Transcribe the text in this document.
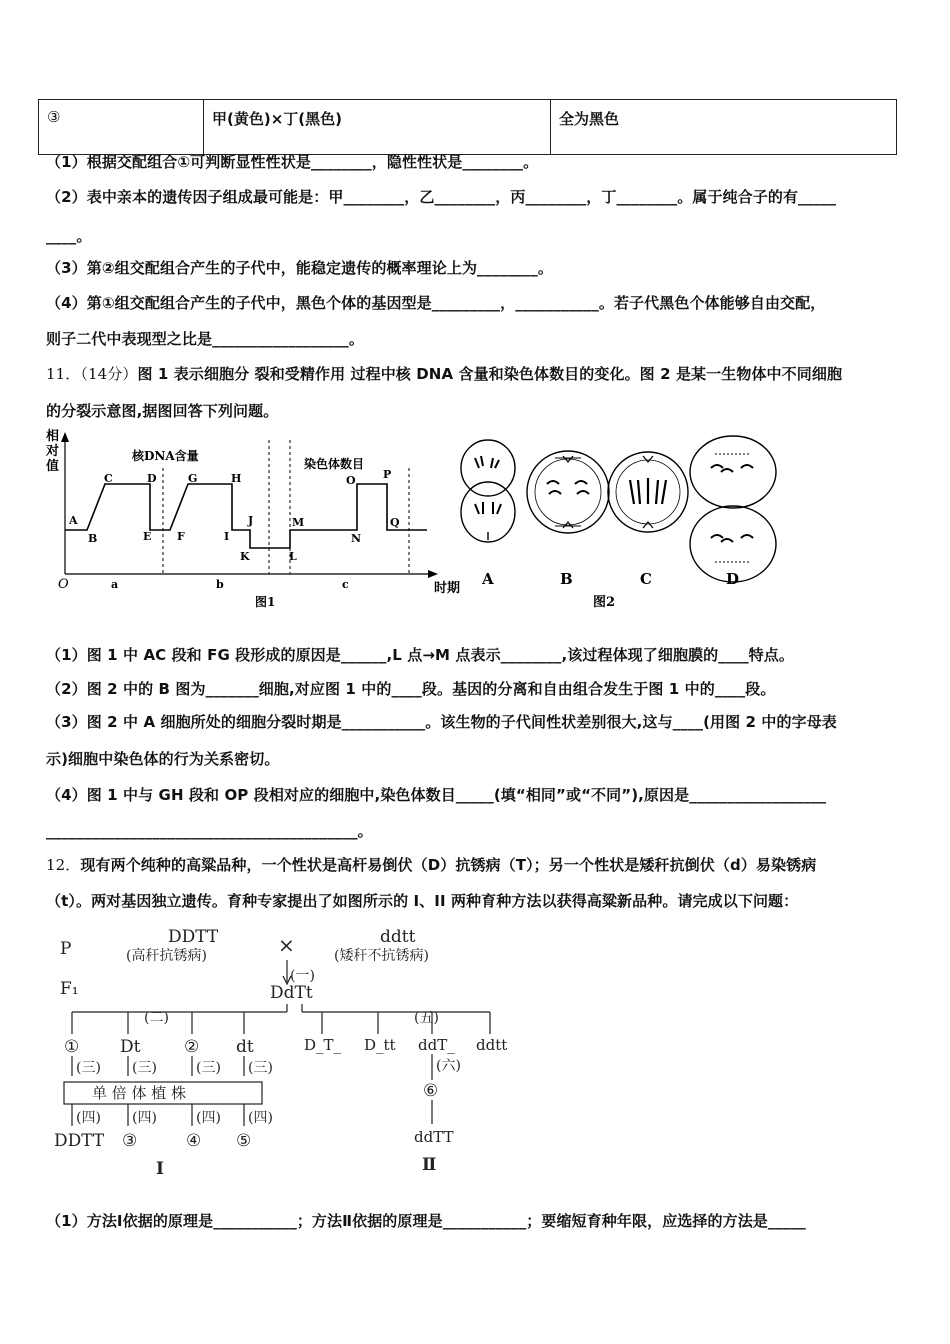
③	甲(黄色)×丁(黑色)	全为黑色
（1）根据交配组合①可判断显性性状是________，隐性性状是________。
（2）表中亲本的遗传因子组成最可能是：甲________，乙________，丙________，丁________。属于纯合子的有_____
____。
（3）第②组交配组合产生的子代中，能稳定遗传的概率理论上为________。
（4）第①组交配组合产生的子代中，黑色个体的基因型是_________，___________。若子代黑色个体能够自由交配，
则子二代中表现型之比是__________________。
11．（14分）图 1 表示细胞分 裂和受精作用 过程中核 DNA 含量和染色体数目的变化。图 2 是某一生物体中不同细胞
的分裂示意图,据图回答下列问题。
相
对
值
O	时期
核DNA含量
染色体数目
A
B
C	D
E F
G	H
I
J
K	L
M
N
O P
Q
a	b	c
图1
A	B	C	D
图2
（1）图 1 中 AC 段和 FG 段形成的原因是______,L 点→M 点表示________,该过程体现了细胞膜的____特点。
（2）图 2 中的 B 图为_______细胞,对应图 1 中的____段。基因的分离和自由组合发生于图 1 中的____段。
（3）图 2 中 A 细胞所处的细胞分裂时期是___________。该生物的子代间性状差别很大,这与____(用图 2 中的字母表
示)细胞中染色体的行为关系密切。
（4）图 1 中与 GH 段和 OP 段相对应的细胞中,染色体数目_____(填“相同”或“不同”),原因是__________________
_________________________________________。
12．现有两个纯种的高粱品种，一个性状是高杆易倒伏（D）抗锈病（T）；另一个性状是矮秆抗倒伏（d）易染锈病
（t）。两对基因独立遗传。育种专家提出了如图所示的 I、II 两种育种方法以获得高粱新品种。请完成以下问题：
P
F₁
DDTT
(高秆抗锈病)
ddtt
(矮秆不抗锈病)
×
(一)
DdTt
(二)	(五)
① Dt	② dt	D_T_ D_tt ddT_ ddtt
(三) (三)	(三) (三)
单 倍 体 植 株
(四) (四)	(四) (四)
(六)
DDTT ③	④ ⑤
⑥
ddTT
I	Ⅱ
（1）方法Ⅰ依据的原理是___________；方法Ⅱ依据的原理是___________；要缩短育种年限，应选择的方法是_____
